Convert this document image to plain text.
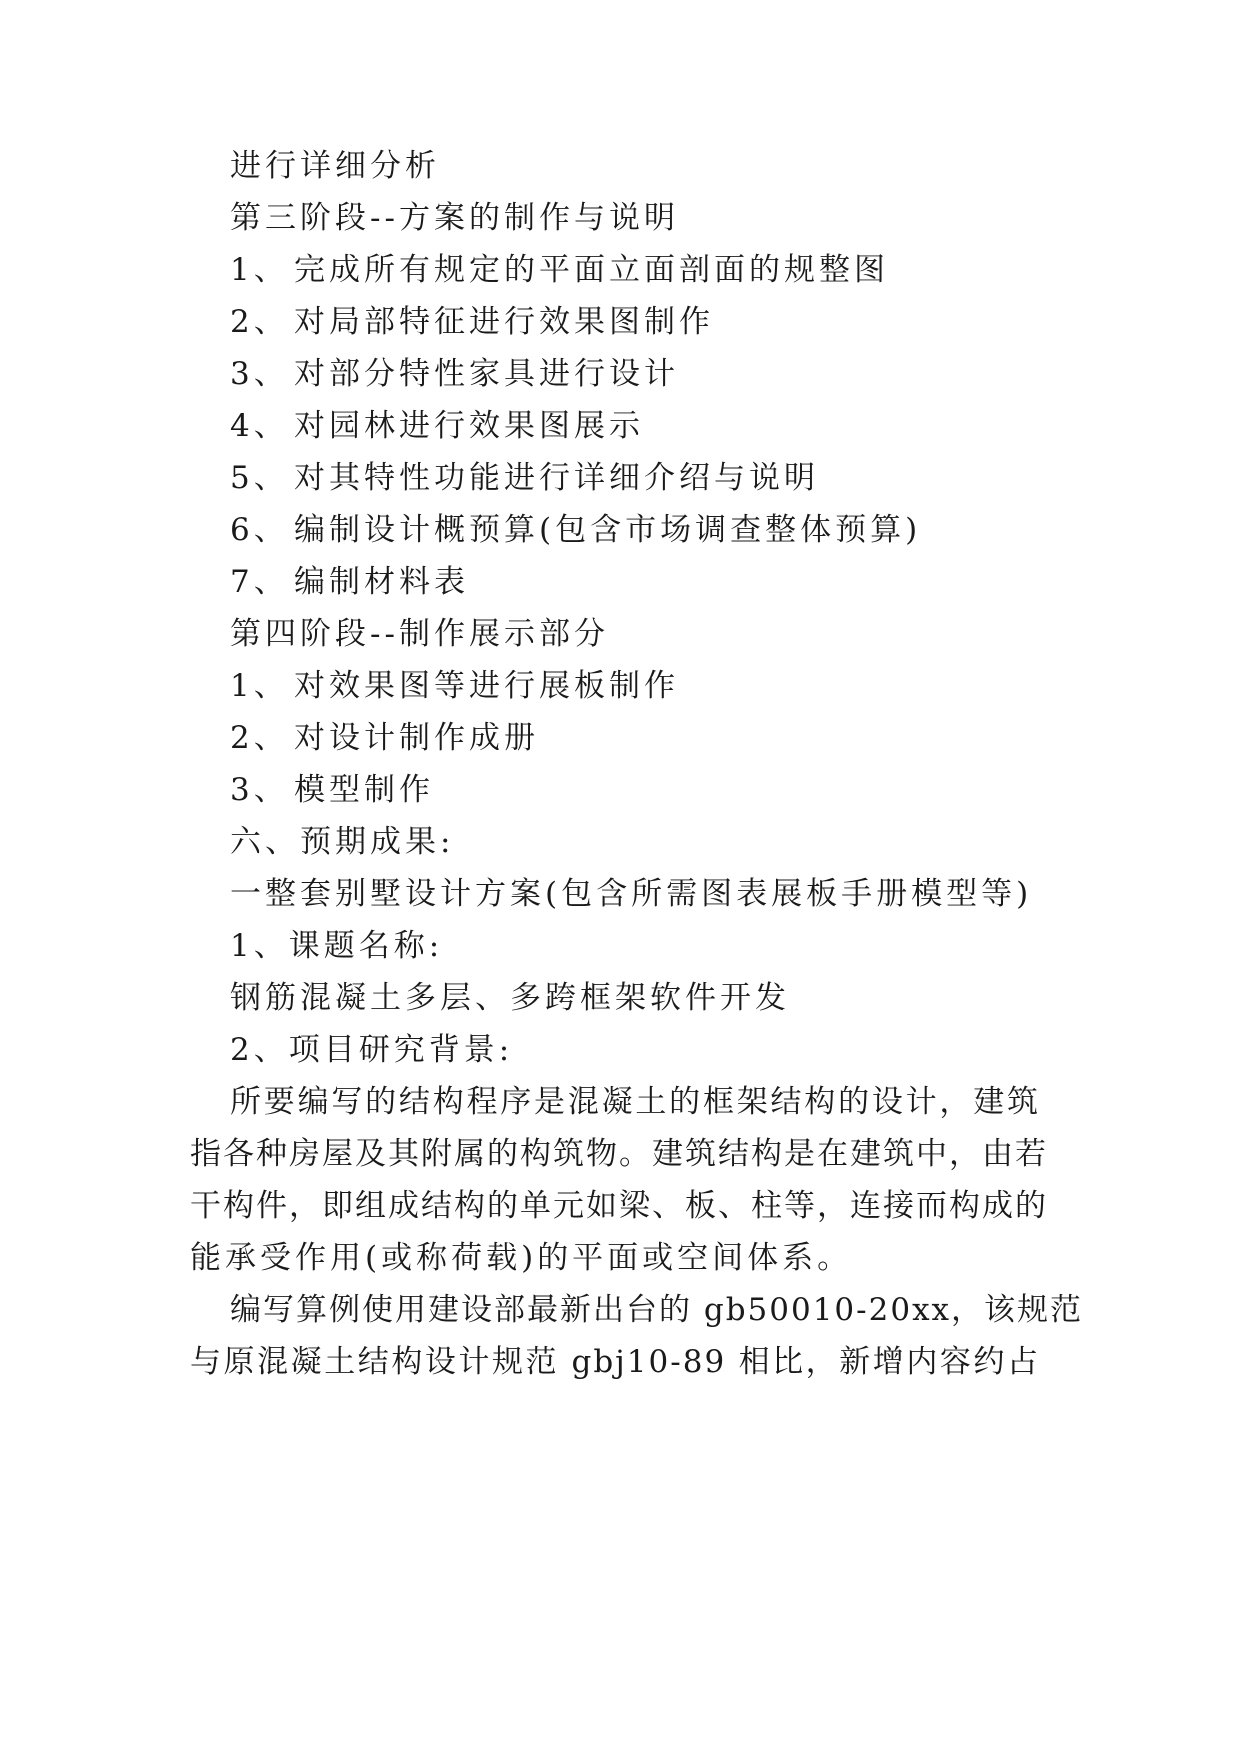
进行详细分析
第三阶段--方案的制作与说明
1、 完成所有规定的平面立面剖面的规整图
2、 对局部特征进行效果图制作
3、 对部分特性家具进行设计
4、 对园林进行效果图展示
5、 对其特性功能进行详细介绍与说明
6、 编制设计概预算(包含市场调查整体预算)
7、 编制材料表
第四阶段--制作展示部分
1、 对效果图等进行展板制作
2、 对设计制作成册
3、 模型制作
六、预期成果:
一整套别墅设计方案(包含所需图表展板手册模型等)
1、课题名称:
钢筋混凝土多层、多跨框架软件开发
2、项目研究背景:
所要编写的结构程序是混凝土的框架结构的设计，建筑
指各种房屋及其附属的构筑物。建筑结构是在建筑中，由若
干构件，即组成结构的单元如梁、板、柱等，连接而构成的
能承受作用(或称荷载)的平面或空间体系。
编写算例使用建设部最新出台的 gb50010-20xx，该规范
与原混凝土结构设计规范 gbj10-89 相比，新增内容约占
